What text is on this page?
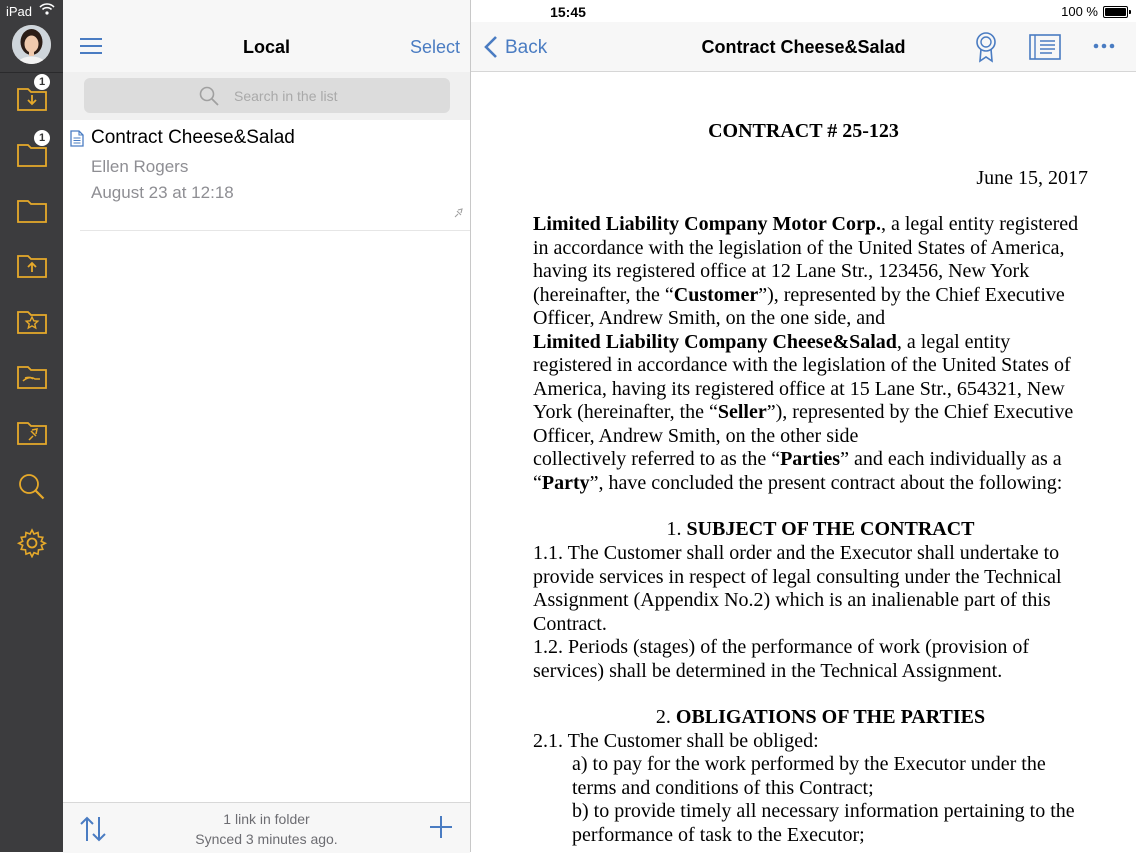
1
1
iPad	15:45	100 %
Local	Select
Search in the list
Contract Cheese&Salad
Ellen Rogers
August 23 at 12:18
1 link in folder
Synced 3 minutes ago.
Back	Contract Cheese&Salad
CONTRACT # 25-123
June 15, 2017
Limited Liability Company Motor Corp., a legal entity registered
in accordance with the legislation of the United States of America,
having its registered office at 12 Lane Str., 123456, New York
(hereinafter, the “Customer”), represented by the Chief Executive
Officer, Andrew Smith, on the one side, and
Limited Liability Company Cheese&Salad, a legal entity
registered in accordance with the legislation of the United States of
America, having its registered office at 15 Lane Str., 654321, New
York (hereinafter, the “Seller”), represented by the Chief Executive
Officer, Andrew Smith, on the other side
collectively referred to as the “Parties” and each individually as a
“Party”, have concluded the present contract about the following:
1. SUBJECT OF THE CONTRACT
1.1. The Customer shall order and the Executor shall undertake to
provide services in respect of legal consulting under the Technical
Assignment (Appendix No.2) which is an inalienable part of this
Contract.
1.2. Periods (stages) of the performance of work (provision of
services) shall be determined in the Technical Assignment.
2. OBLIGATIONS OF THE PARTIES
2.1. The Customer shall be obliged:
a) to pay for the work performed by the Executor under the
terms and conditions of this Contract;
b) to provide timely all necessary information pertaining to the
performance of task to the Executor;
